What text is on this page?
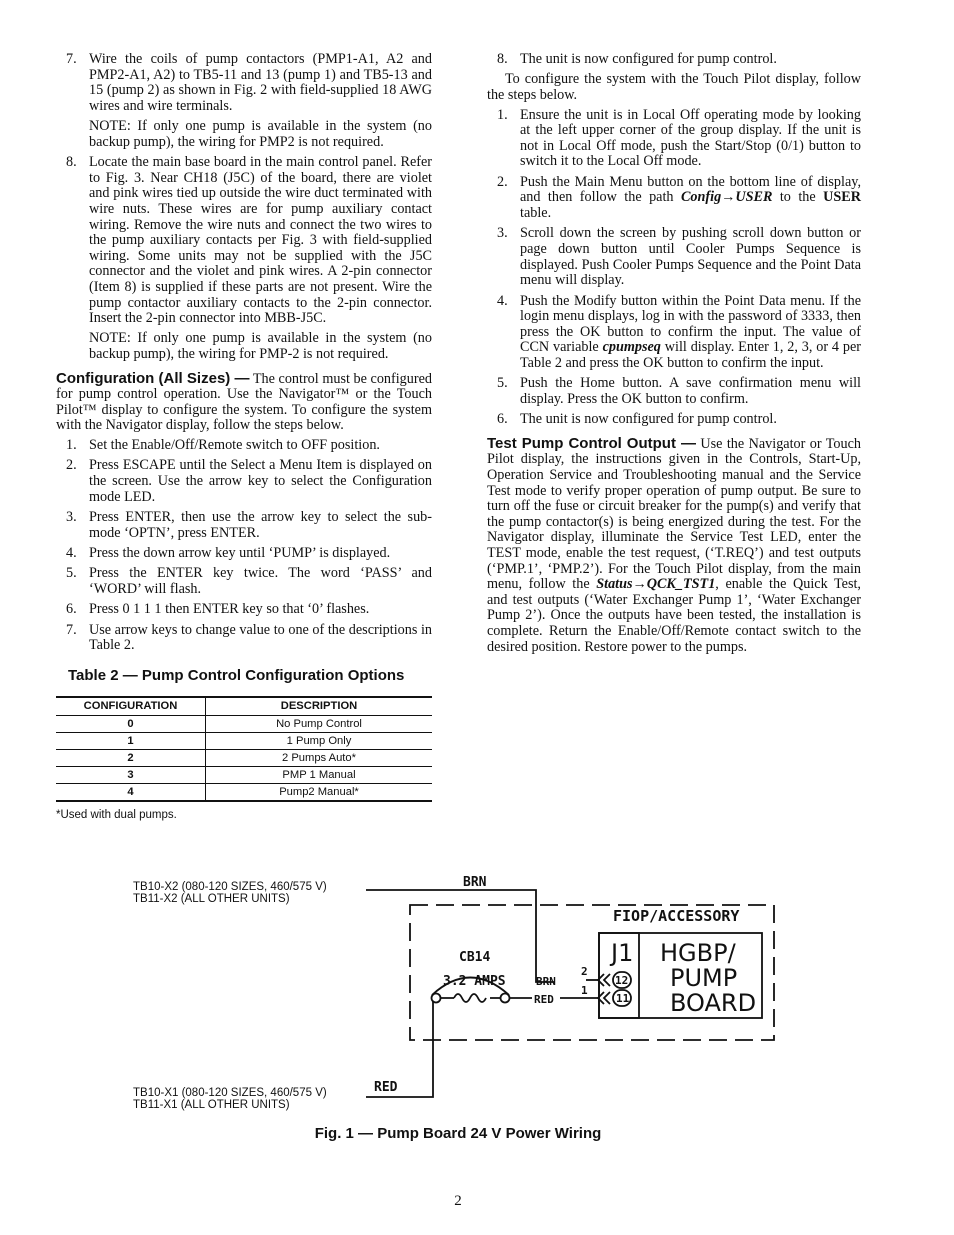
7. Wire the coils of pump contactors (PMP1-A1, A2 and PMP2-A1, A2) to TB5-11 and 13 (pump 1) and TB5-13 and 15 (pump 2) as shown in Fig. 2 with field-supplied 18 AWG wires and wire terminals.

NOTE: If only one pump is available in the system (no backup pump), the wiring for PMP2 is not required.

8. Locate the main base board in the main control panel. Refer to Fig. 3. Near CH18 (J5C) of the board, there are violet and pink wires tied up outside the wire duct terminated with wire nuts. These wires are for pump auxiliary contact wiring. Remove the wire nuts and connect the two wires to the pump auxiliary contacts per Fig. 3 with field-supplied wiring. Some units may not be supplied with the J5C connector and the violet and pink wires. A 2-pin connector (Item 8) is supplied if these parts are not present. Wire the pump contactor auxiliary contacts to the 2-pin connector. Insert the 2-pin connector into MBB-J5C.

NOTE: If only one pump is available in the system (no backup pump), the wiring for PMP-2 is not required.

Configuration (All Sizes) — The control must be configured for pump control operation. Use the Navigator™ or the Touch Pilot™ display to configure the system. To configure the system with the Navigator display, follow the steps below.

1. Set the Enable/Off/Remote switch to OFF position.
2. Press ESCAPE until the Select a Menu Item is displayed on the screen. Use the arrow key to select the Configuration mode LED.
3. Press ENTER, then use the arrow key to select the sub-mode ‘OPTN’, press ENTER.
4. Press the down arrow key until ‘PUMP’ is displayed.
5. Press the ENTER key twice. The word ‘PASS’ and ‘WORD’ will flash.
6. Press 0 1 1 1 then ENTER key so that ‘0’ flashes.
7. Use arrow keys to change value to one of the descriptions in Table 2.
Table 2 — Pump Control Configuration Options
CONFIGURATION	DESCRIPTION
0	No Pump Control
1	1 Pump Only
2	2 Pumps Auto*
3	PMP 1 Manual
4	Pump2 Manual*
*Used with dual pumps.
8. The unit is now configured for pump control.

To configure the system with the Touch Pilot display, follow the steps below.

1. Ensure the unit is in Local Off operating mode by looking at the left upper corner of the group display. If the unit is not in Local Off mode, push the Start/Stop (0/1) button to switch it to the Local Off mode.
2. Push the Main Menu button on the bottom line of display, and then follow the path Config→USER to the USER table.
3. Scroll down the screen by pushing scroll down button or page down button until Cooler Pumps Sequence is displayed. Push Cooler Pumps Sequence and the Point Data menu will display.
4. Push the Modify button within the Point Data menu. If the login menu displays, log in with the password of 3333, then press the OK button to confirm the input. The value of CCN variable cpumpseq will display. Enter 1, 2, 3, or 4 per Table 2 and press the OK button to confirm the input.
5. Push the Home button. A save confirmation menu will display. Press the OK button to confirm.
6. The unit is now configured for pump control.

Test Pump Control Output — Use the Navigator or Touch Pilot display, the instructions given in the Controls, Start-Up, Operation Service and Troubleshooting manual and the Service Test mode to verify proper operation of pump output. Be sure to turn off the fuse or circuit breaker for the pump(s) and verify that the pump contactor(s) is being energized during the test. For the Navigator display, illuminate the Service Test LED, enter the TEST mode, enable the test request, (‘T.REQ’) and test outputs (‘PMP.1’, ‘PMP.2’). For the Touch Pilot display, from the main menu, follow the Status→QCK_TST1, enable the Quick Test, and test outputs (‘Water Exchanger Pump 1’, ‘Water Exchanger Pump 2’). Once the outputs have been tested, the installation is complete. Return the Enable/Off/Remote contact switch to the desired position. Restore power to the pumps.

TB10-X2 (080-120 SIZES, 460/575 V)
TB11-X2 (ALL OTHER UNITS)
TB10-X1 (080-120 SIZES, 460/575 V)
TB11-X1 (ALL OTHER UNITS)
BRN
RED
FIOP/ACCESSORY
CB14
3.2 AMPS	BRN
RED
2
1
12
11
J1 HGBP/
PUMP
BOARD
Fig. 1 — Pump Board 24 V Power Wiring
2
